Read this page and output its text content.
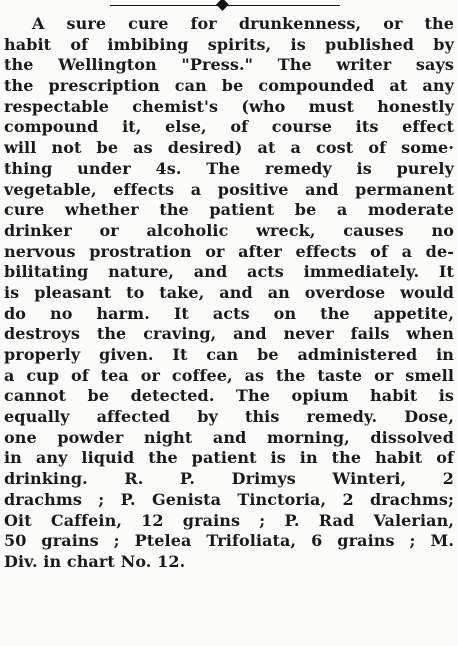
A sure cure for drunkenness, or the
habit of imbibing spirits, is published by
the Wellington "Press." The writer says
the prescription can be compounded at any
respectable chemist's (who must honestly
compound it, else, of course its effect
will not be as desired) at a cost of some·
thing under 4s. The remedy is purely
vegetable, effects a positive and permanent
cure whether the patient be a moderate
drinker or alcoholic wreck, causes no
nervous prostration or after effects of a de-
bilitating nature, and acts immediately. It
is pleasant to take, and an overdose would
do no harm. It acts on the appetite,
destroys the craving, and never fails when
properly given. It can be administered in
a cup of tea or coffee, as the taste or smell
cannot be detected. The opium habit is
equally affected by this remedy. Dose,
one powder night and morning, dissolved
in any liquid the patient is in the habit of
drinking. R. P. Drimys Winteri, 2
drachms ; P. Genista Tinctoria, 2 drachms;
Oit Caffein, 12 grains ; P. Rad Valerian,
50 grains ; Ptelea Trifoliata, 6 grains ; M.
Div. in chart No. 12.
